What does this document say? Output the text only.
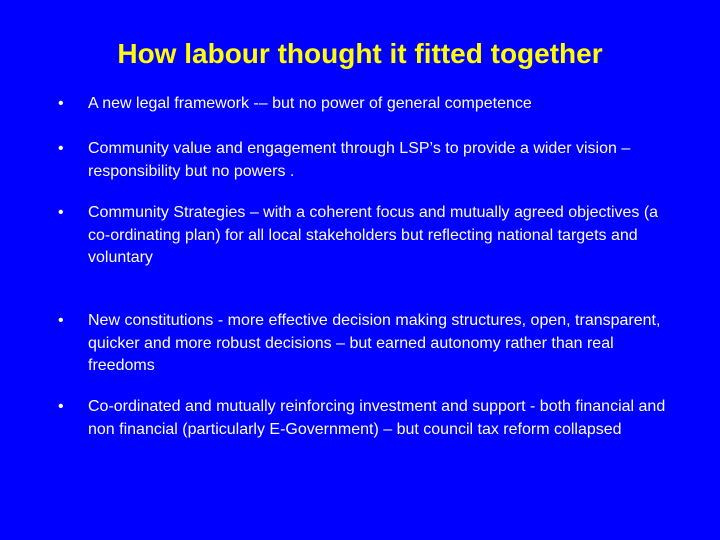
How labour thought it fitted together
•	A new legal framework -– but no power of general competence
•	Community value and engagement through LSP’s to provide a wider vision – responsibility but no powers .
•	Community Strategies – with a coherent focus and mutually agreed objectives (a co-ordinating plan) for all local stakeholders but reflecting national targets and voluntary
•	New constitutions - more effective decision making structures, open, transparent, quicker and more robust decisions – but earned autonomy rather than real freedoms
•	Co-ordinated and mutually reinforcing investment and support - both financial and non financial (particularly E-Government) – but council tax reform collapsed
